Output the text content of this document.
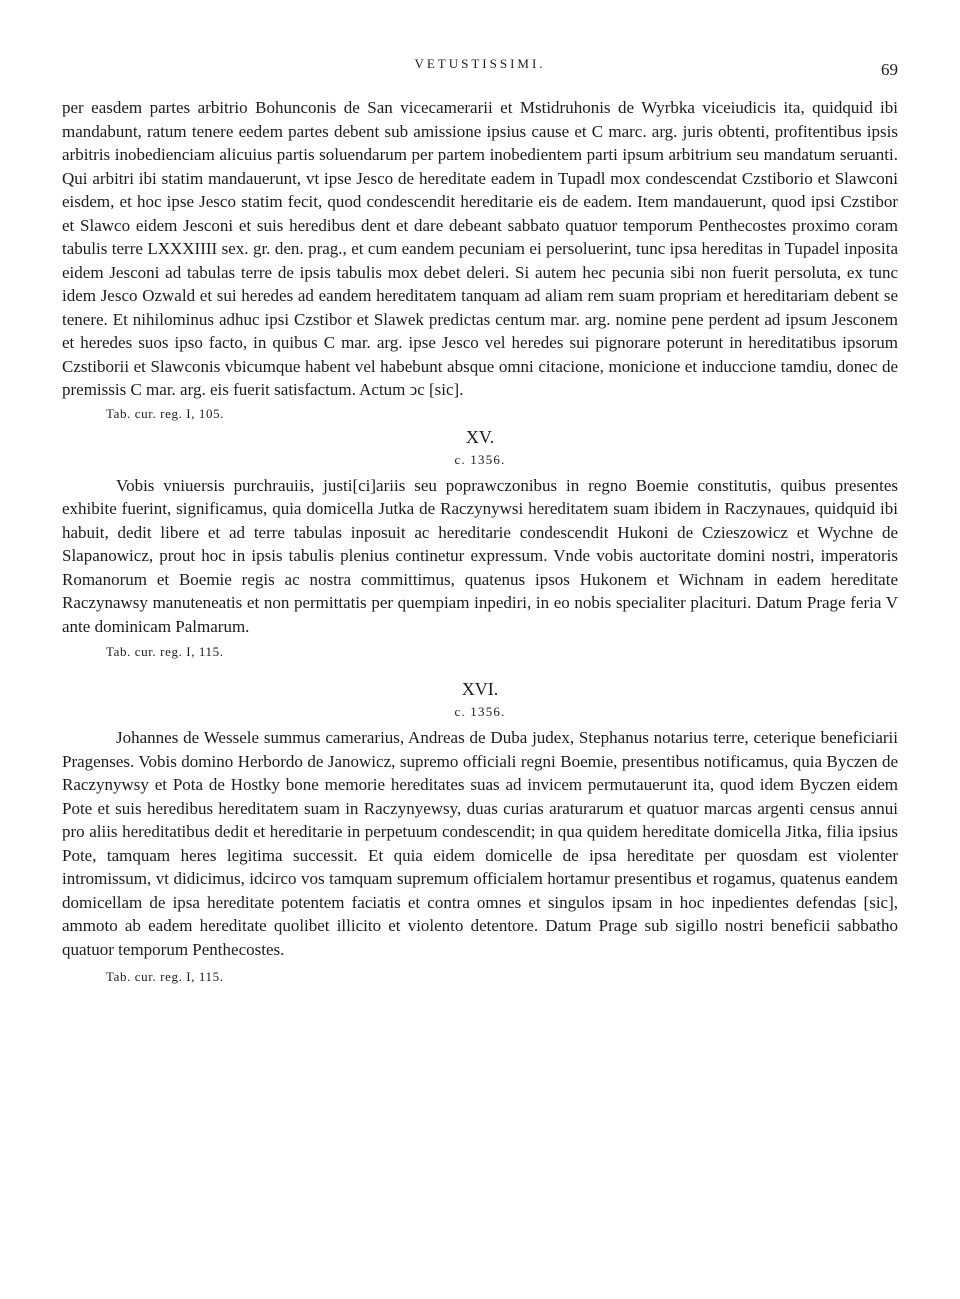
VETUSTISSIMI.	69

per easdem partes arbitrio Bohunconis de San vicecamerarii et Mstidruhonis de Wyrbka viceiudicis ita, quidquid ibi mandabunt, ratum tenere eedem partes debent sub amissione ipsius cause et C marc. arg. juris obtenti, profitentibus ipsis arbitris inobedienciam alicuius partis soluendarum per partem inobedientem parti ipsum arbitrium seu mandatum seruanti. Qui arbitri ibi statim mandauerunt, vt ipse Jesco de hereditate eadem in Tupadl mox condescendat Czstiborio et Slawconi eisdem, et hoc ipse Jesco statim fecit, quod condescendit hereditarie eis de eadem. Item mandauerunt, quod ipsi Czstibor et Slawco eidem Jesconi et suis heredibus dent et dare debeant sabbato quatuor temporum Penthecostes proximo coram tabulis terre LXXXIIII sex. gr. den. prag., et cum eandem pecuniam ei persoluerint, tunc ipsa hereditas in Tupadel inposita eidem Jesconi ad tabulas terre de ipsis tabulis mox debet deleri. Si autem hec pecunia sibi non fuerit persoluta, ex tunc idem Jesco Ozwald et sui heredes ad eandem hereditatem tanquam ad aliam rem suam propriam et hereditariam debent se tenere. Et nihilominus adhuc ipsi Czstibor et Slawek predictas centum mar. arg. nomine pene perdent ad ipsum Jesconem et heredes suos ipso facto, in quibus C mar. arg. ipse Jesco vel heredes sui pignorare poterunt in hereditatibus ipsorum Czstiborii et Slawconis vbicumque habent vel habebunt absque omni citacione, monicione et induccione tamdiu, donec de premissis C mar. arg. eis fuerit satisfactum. Actum ↄc [sic].

Tab. cur. reg. I, 105.

XV.

c. 1356.

Vobis vniuersis purchrauiis, justi[ci]ariis seu poprawczonibus in regno Boemie constitutis, quibus presentes exhibite fuerint, significamus, quia domicella Jutka de Raczynywsi hereditatem suam ibidem in Raczynaues, quidquid ibi habuit, dedit libere et ad terre tabulas inposuit ac hereditarie condescendit Hukoni de Czieszowicz et Wychne de Slapanowicz, prout hoc in ipsis tabulis plenius continetur expressum. Vnde vobis auctoritate domini nostri, imperatoris Romanorum et Boemie regis ac nostra committimus, quatenus ipsos Hukonem et Wichnam in eadem hereditate Raczynawsy manuteneatis et non permittatis per quempiam inpediri, in eo nobis specialiter placituri. Datum Prage feria V ante dominicam Palmarum.

Tab. cur. reg. I, 115.

XVI.

c. 1356.

Johannes de Wessele summus camerarius, Andreas de Duba judex, Stephanus notarius terre, ceterique beneficiarii Pragenses. Vobis domino Herbordo de Janowicz, supremo officiali regni Boemie, presentibus notificamus, quia Byczen de Raczynywsy et Pota de Hostky bone memorie hereditates suas ad invicem permutauerunt ita, quod idem Byczen eidem Pote et suis heredibus hereditatem suam in Raczynyewsy, duas curias araturarum et quatuor marcas argenti census annui pro aliis hereditatibus dedit et hereditarie in perpetuum condescendit; in qua quidem hereditate domicella Jitka, filia ipsius Pote, tamquam heres legitima successit. Et quia eidem domicelle de ipsa hereditate per quosdam est violenter intromissum, vt didicimus, idcirco vos tamquam supremum officialem hortamur presentibus et rogamus, quatenus eandem domicellam de ipsa hereditate potentem faciatis et contra omnes et singulos ipsam in hoc inpedientes defendas [sic], ammoto ab eadem hereditate quolibet illicito et violento detentore. Datum Prage sub sigillo nostri beneficii sabbatho quatuor temporum Penthecostes.

Tab. cur. reg. I, 115.
